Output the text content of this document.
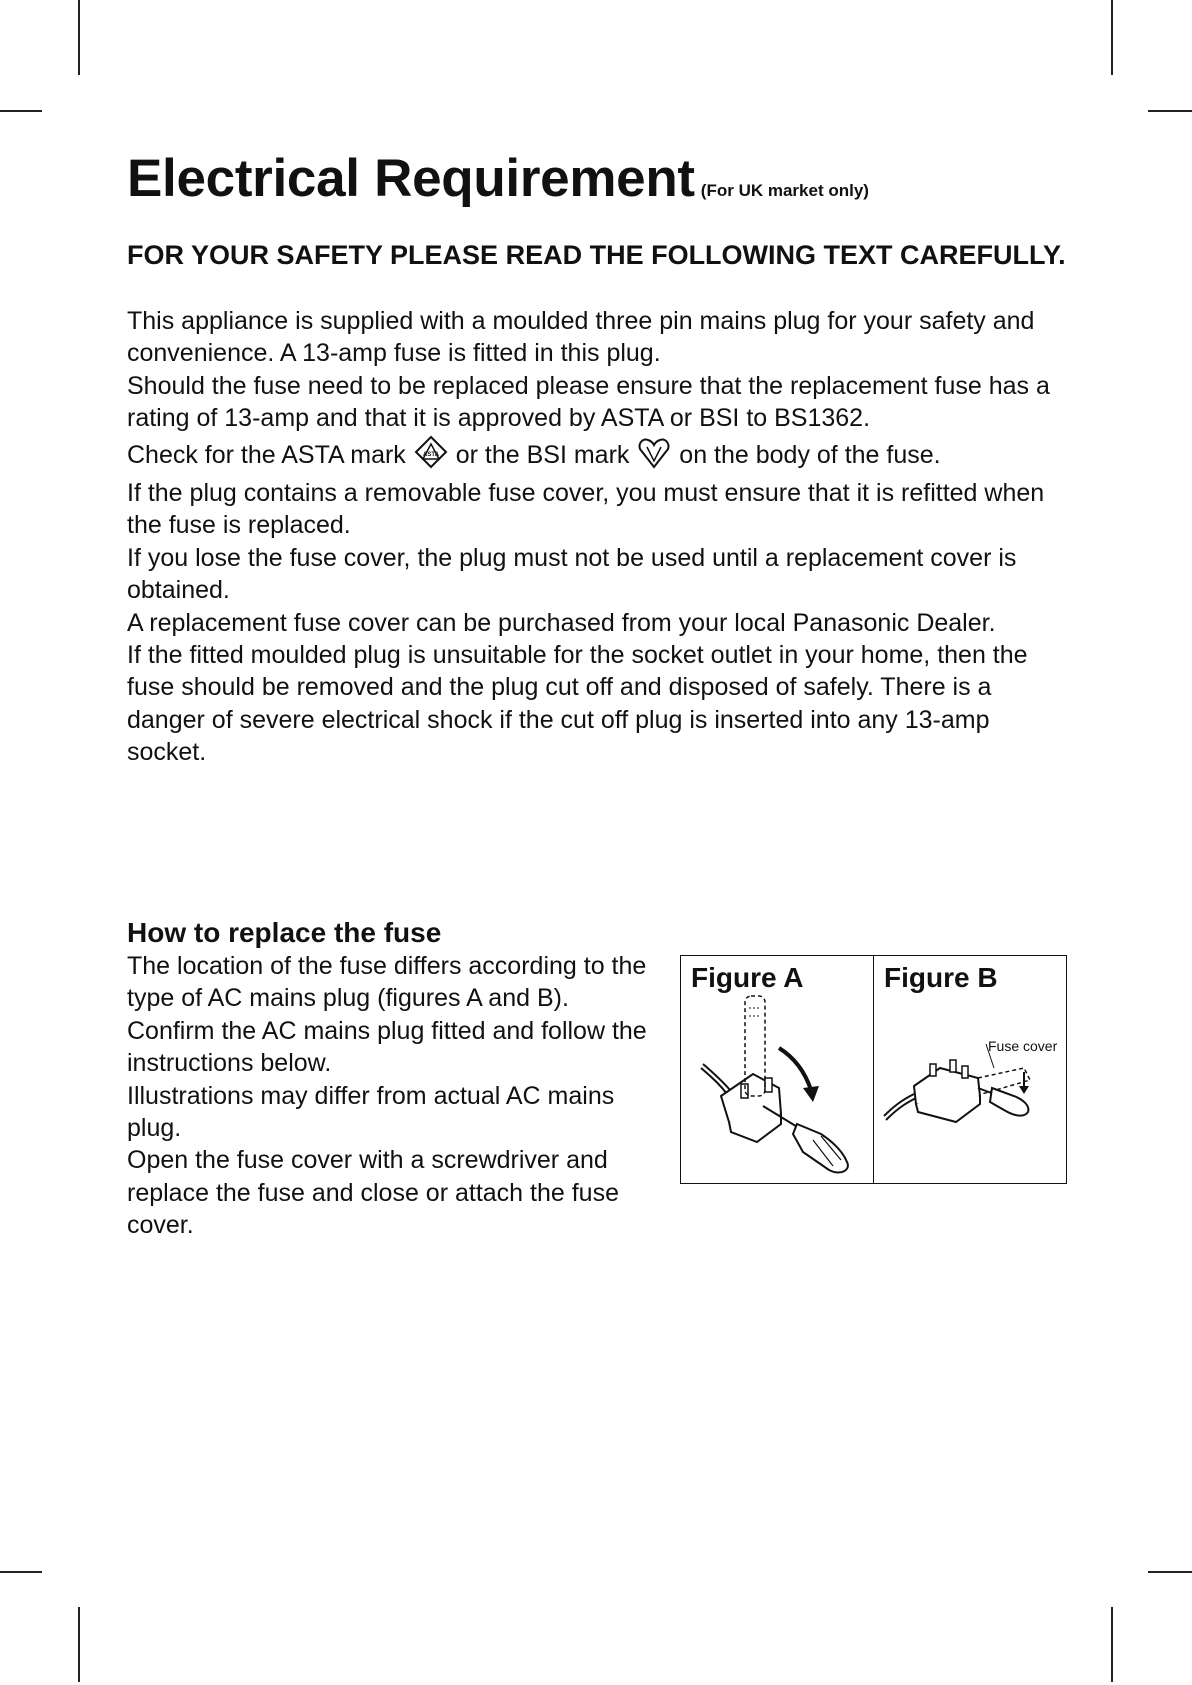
Electrical Requirement (For UK market only)
FOR YOUR SAFETY PLEASE READ THE FOLLOWING TEXT CAREFULLY.

This appliance is supplied with a moulded three pin mains plug for your safety and convenience. A 13-amp fuse is fitted in this plug.

Should the fuse need to be replaced please ensure that the replacement fuse has a rating of 13-amp and that it is approved by ASTA or BSI to BS1362.

Check for the ASTA mark	ASTA or the BSI mark on the body of the fuse.

If the plug contains a removable fuse cover, you must ensure that it is refitted when the fuse is replaced.

If you lose the fuse cover, the plug must not be used until a replacement cover is obtained.

A replacement fuse cover can be purchased from your local Panasonic Dealer.

If the fitted moulded plug is unsuitable for the socket outlet in your home, then the fuse should be removed and the plug cut off and disposed of safely. There is a danger of severe electrical shock if the cut off plug is inserted into any 13-amp socket.

How to replace the fuse

The location of the fuse differs according to the type of AC mains plug (figures A and B). Confirm the AC mains plug fitted and follow the instructions below.

Illustrations may differ from actual AC mains plug.

Open the fuse cover with a screwdriver and replace the fuse and close or attach the fuse cover.

Figure A	Figure B
Fuse cover
